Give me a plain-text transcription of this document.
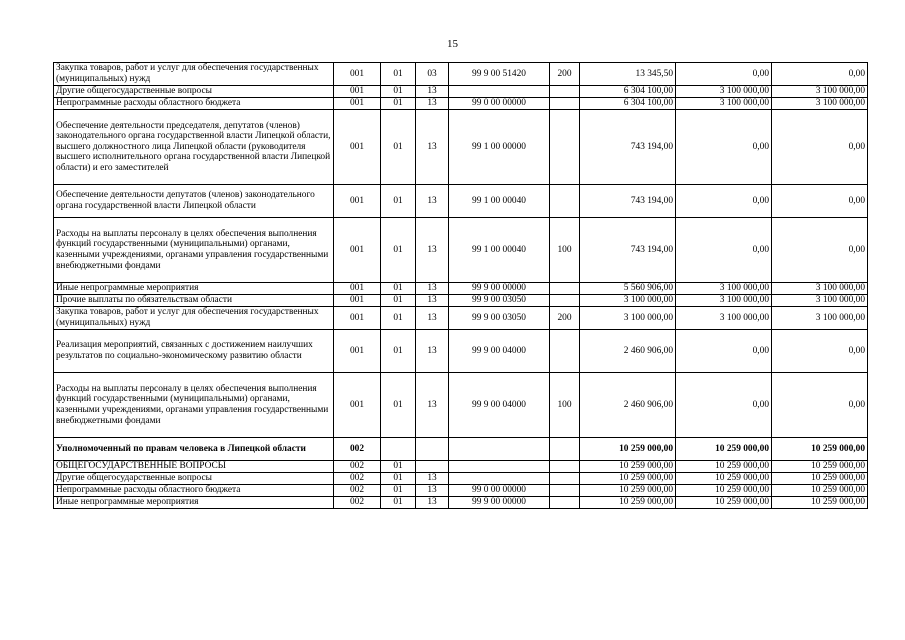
15
Закупка товаров, работ и услуг для обеспечения государственных (муниципальных) нужд	001	01	03	99 9 00 51420	200	13 345,50	0,00	0,00
Другие общегосударственные вопросы	001	01	13			6 304 100,00	3 100 000,00	3 100 000,00
Непрограммные расходы областного бюджета	001	01	13	99 0 00 00000		6 304 100,00	3 100 000,00	3 100 000,00
Обеспечение деятельности председателя, депутатов (членов) законодательного органа государственной власти Липецкой области, высшего должностного лица Липецкой области (руководителя высшего исполнительного органа государственной власти Липецкой области) и его заместителей	001	01	13	99 1 00 00000		743 194,00	0,00	0,00
Обеспечение деятельности депутатов (членов) законодательного органа государственной власти Липецкой области	001	01	13	99 1 00 00040		743 194,00	0,00	0,00
Расходы на выплаты персоналу в целях обеспечения выполнения функций государственными (муниципальными) органами, казенными учреждениями, органами управления государственными внебюджетными фондами	001	01	13	99 1 00 00040	100	743 194,00	0,00	0,00
Иные непрограммные мероприятия	001	01	13	99 9 00 00000		5 560 906,00	3 100 000,00	3 100 000,00
Прочие выплаты по обязательствам области	001	01	13	99 9 00 03050		3 100 000,00	3 100 000,00	3 100 000,00
Закупка товаров, работ и услуг для обеспечения государственных (муниципальных) нужд	001	01	13	99 9 00 03050	200	3 100 000,00	3 100 000,00	3 100 000,00
Реализация мероприятий, связанных с достижением наилучших результатов по социально-экономическому развитию области	001	01	13	99 9 00 04000		2 460 906,00	0,00	0,00
Расходы на выплаты персоналу в целях обеспечения выполнения функций государственными (муниципальными) органами, казенными учреждениями, органами управления государственными внебюджетными фондами	001	01	13	99 9 00 04000	100	2 460 906,00	0,00	0,00
Уполномоченный по правам человека в Липецкой области	002					10 259 000,00	10 259 000,00	10 259 000,00
ОБЩЕГОСУДАРСТВЕННЫЕ ВОПРОСЫ	002	01				10 259 000,00	10 259 000,00	10 259 000,00
Другие общегосударственные вопросы	002	01	13			10 259 000,00	10 259 000,00	10 259 000,00
Непрограммные расходы областного бюджета	002	01	13	99 0 00 00000		10 259 000,00	10 259 000,00	10 259 000,00
Иные непрограммные мероприятия	002	01	13	99 9 00 00000		10 259 000,00	10 259 000,00	10 259 000,00
